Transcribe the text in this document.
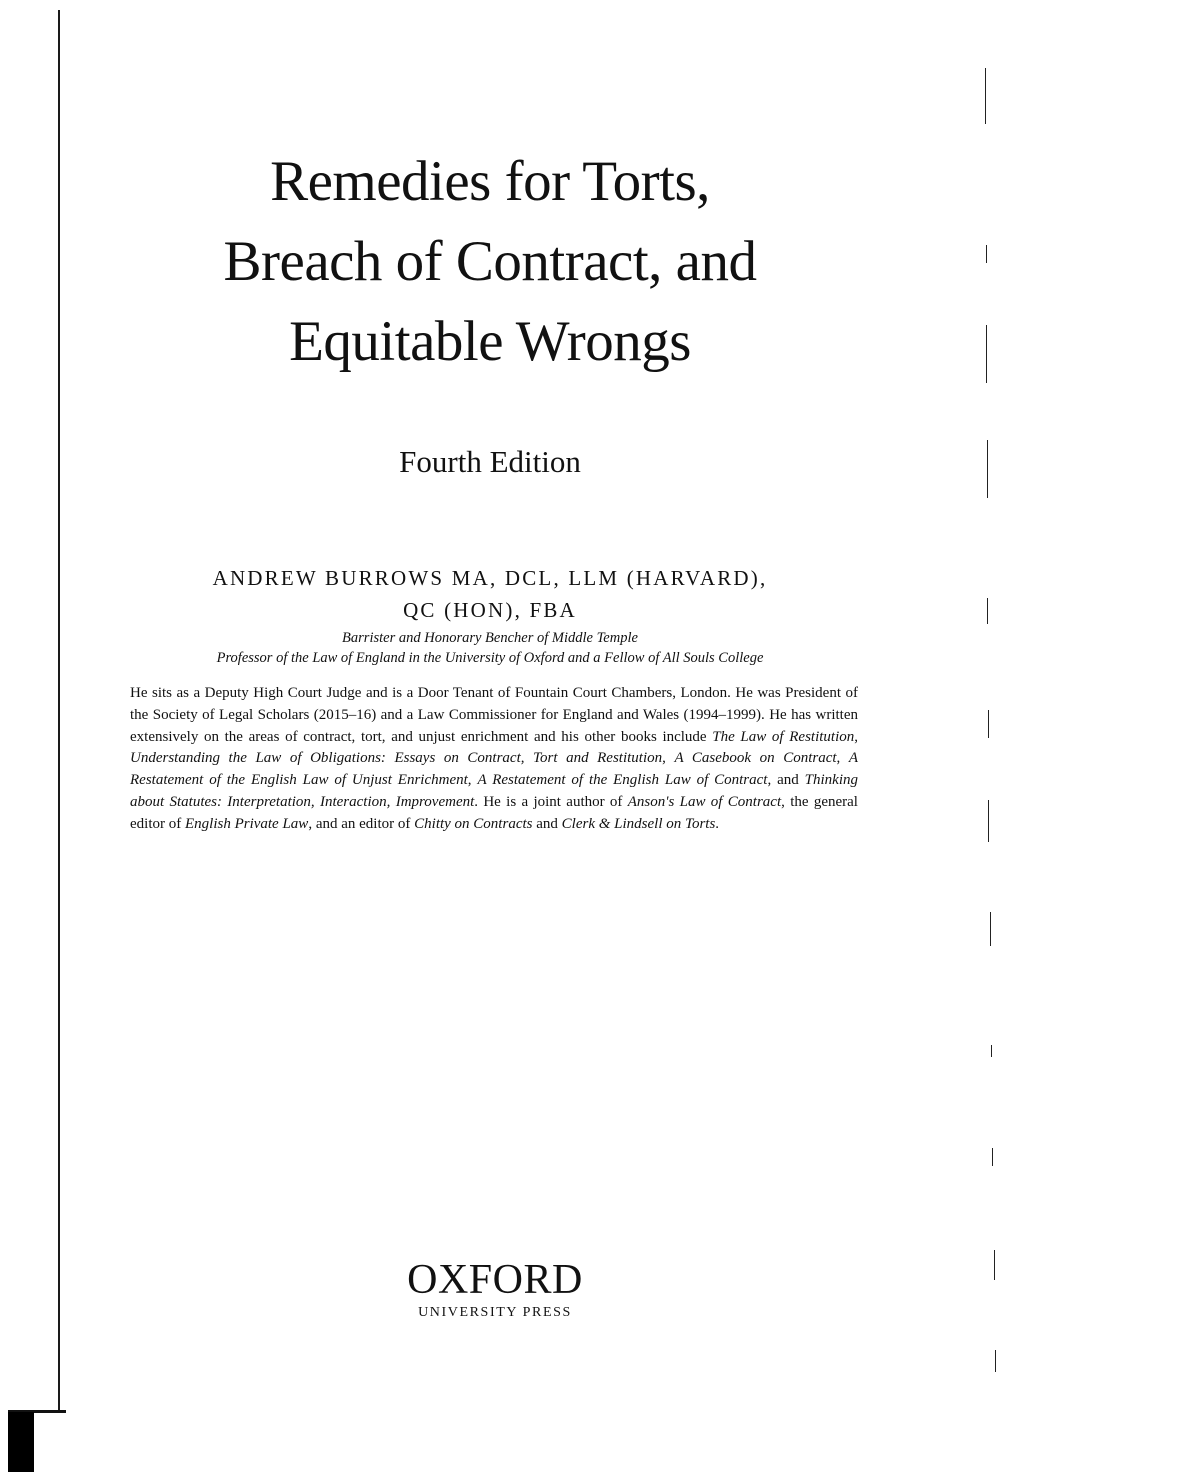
Remedies for Torts,
Breach of Contract, and
Equitable Wrongs
Fourth Edition
ANDREW BURROWS MA, DCL, LLM (HARVARD),
QC (HON), FBA
Barrister and Honorary Bencher of Middle Temple
Professor of the Law of England in the University of Oxford and a Fellow of All Souls College

He sits as a Deputy High Court Judge and is a Door Tenant of Fountain Court Chambers, London. He was President of the Society of Legal Scholars (2015–16) and a Law Commissioner for England and Wales (1994–1999). He has written extensively on the areas of contract, tort, and unjust enrichment and his other books include The Law of Restitution, Understanding the Law of Obligations: Essays on Contract, Tort and Restitution, A Casebook on Contract, A Restatement of the English Law of Unjust Enrichment, A Restatement of the English Law of Contract, and Thinking about Statutes: Interpretation, Interaction, Improvement. He is a joint author of Anson's Law of Contract, the general editor of English Private Law, and an editor of Chitty on Contracts and Clerk & Lindsell on Torts.

OXFORD
UNIVERSITY PRESS
